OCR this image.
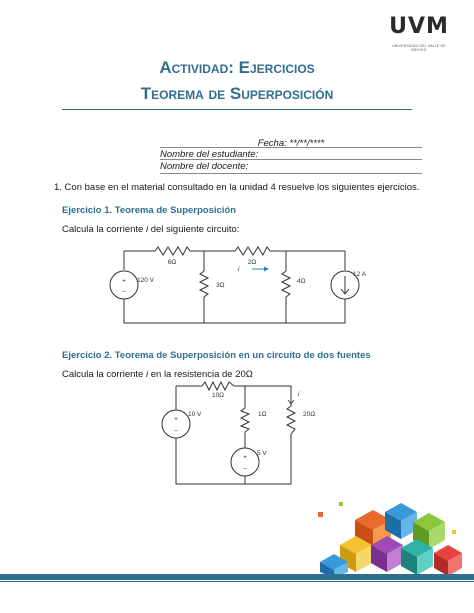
UVM
UNIVERSIDAD DEL VALLE DE MEXICO
Actividad: Ejercicios
Teorema de Superposición
Fecha: **/**/****
Nombre del estudiante:
Nombre del docente:
1. Con base en el material consultado en la unidad 4 resuelve los siguientes ejercicios.
Ejercicio 1. Teorema de Superposición
Calcula la corriente i del siguiente circuito:
+
−
120 V
6Ω	2Ω
i
3Ω
4Ω
12 A
+
−
10 V
10Ω
1Ω	20Ω
i
+
−
5 V
Ejercicio 2. Teorema de Superposición en un circuito de dos fuentes
Calcula la corriente i en la resistencia de 20Ω
